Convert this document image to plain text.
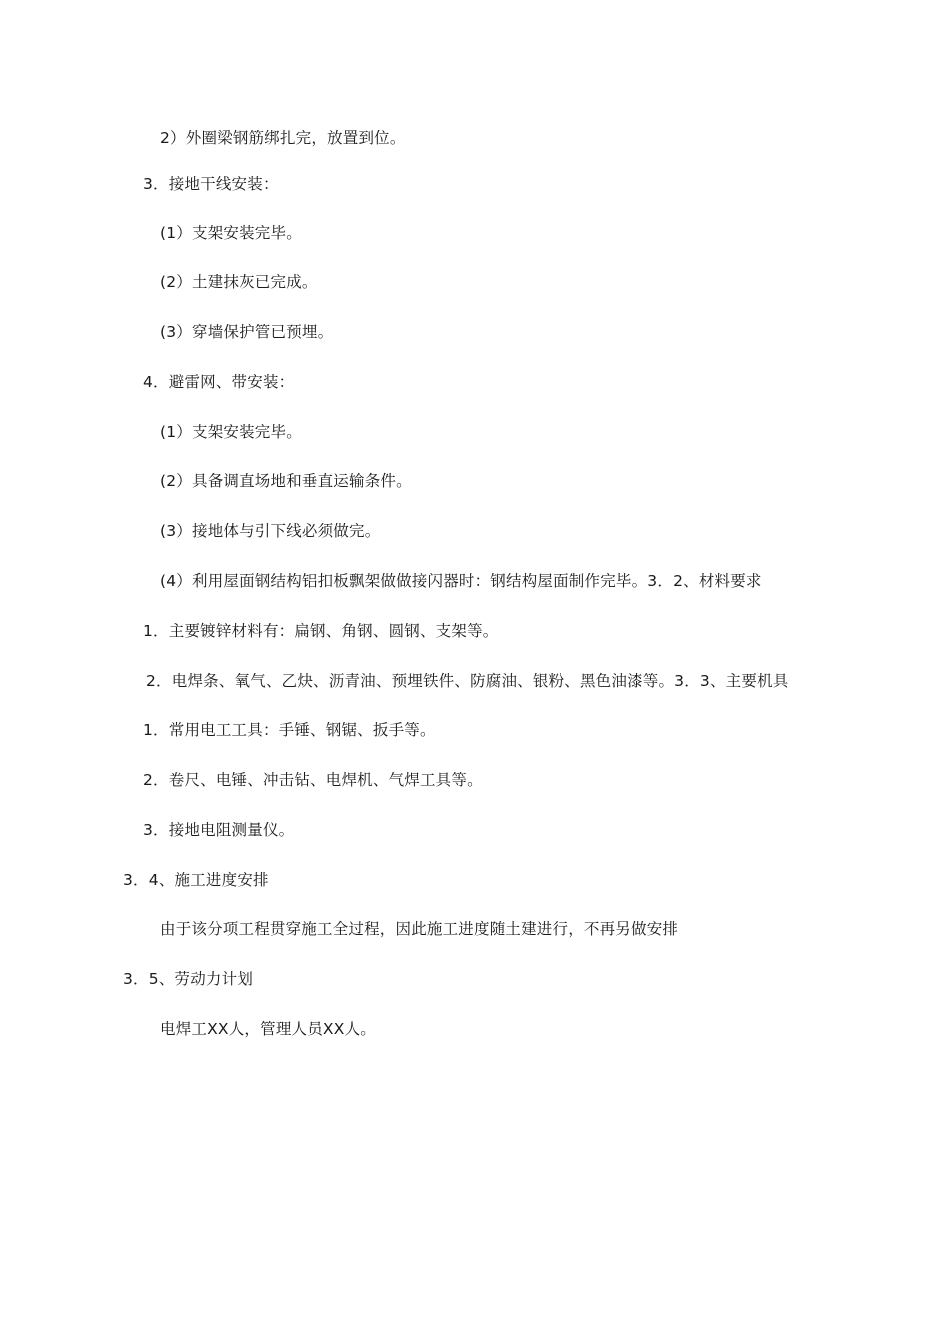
2）外圈梁钢筋绑扎完，放置到位。
3．接地干线安装：
(1）支架安装完毕。
(2）土建抹灰已完成。
(3）穿墙保护管已预埋。
4．避雷网、带安装：
(1）支架安装完毕。
(2）具备调直场地和垂直运输条件。
(3）接地体与引下线必须做完。
(4）利用屋面钢结构铝扣板飘架做做接闪器时：钢结构屋面制作完毕。3．2、材料要求
1．主要镀锌材料有：扁钢、角钢、圆钢、支架等。
2．电焊条、氧气、乙炔、沥青油、预埋铁件、防腐油、银粉、黑色油漆等。3．3、主要机具
1．常用电工工具：手锤、钢锯、扳手等。
2．卷尺、电锤、冲击钻、电焊机、气焊工具等。
3．接地电阻测量仪。
3．4、施工进度安排
由于该分项工程贯穿施工全过程，因此施工进度随土建进行，不再另做安排
3．5、劳动力计划
电焊工XX人，管理人员XX人。
